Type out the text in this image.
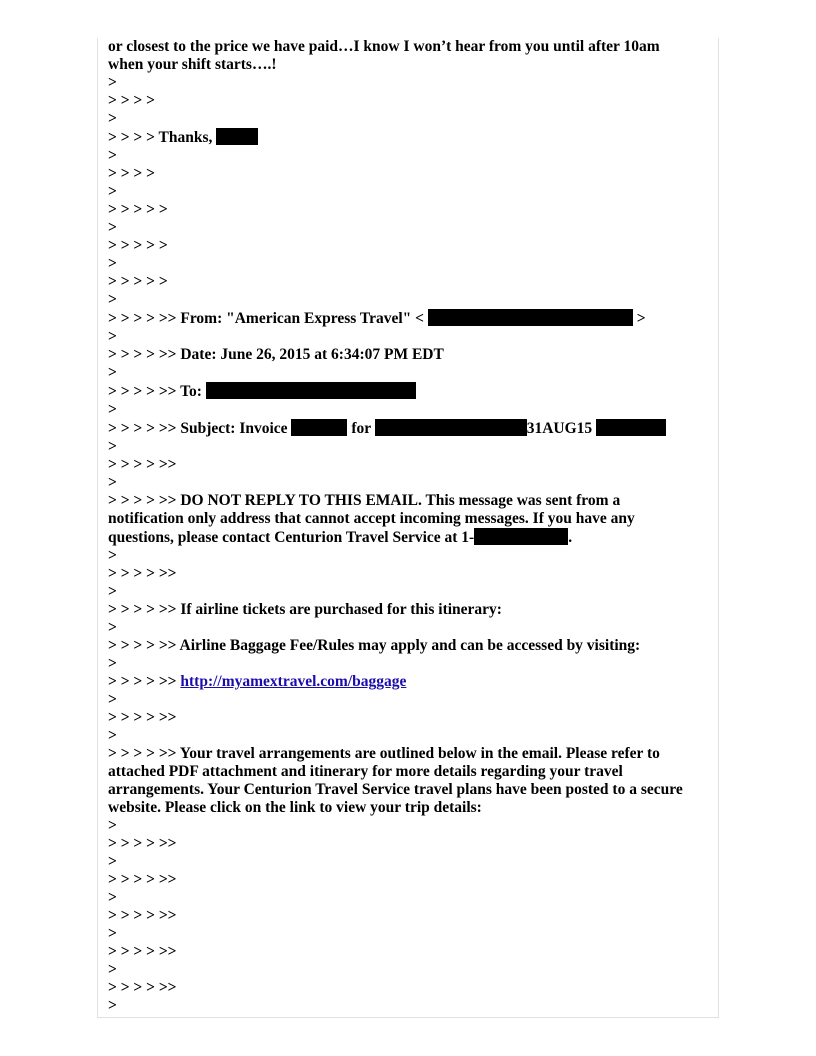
or closest to the price we have paid…I know I won’t hear from you until after 10am
when your shift starts….!
>
> > > >
>
> > > > Thanks,
>
> > > >
>
> > > > >
>
> > > > >
>
> > > > >
>
> > > > >> From: "American Express Travel" <	>
>
> > > > >> Date: June 26, 2015 at 6:34:07 PM EDT
>
> > > > >> To:
>
> > > > >> Subject: Invoice	for	31AUG15
>
> > > > >>
>
> > > > >> DO NOT REPLY TO THIS EMAIL. This message was sent from a
notification only address that cannot accept incoming messages. If you have any
questions, please contact Centurion Travel Service at 1-	.
>
> > > > >>
>
> > > > >> If airline tickets are purchased for this itinerary:
>
> > > > >> Airline Baggage Fee/Rules may apply and can be accessed by visiting:
>
> > > > >> http://myamextravel.com/baggage
>
> > > > >>
>
> > > > >> Your travel arrangements are outlined below in the email. Please refer to
attached PDF attachment and itinerary for more details regarding your travel
arrangements. Your Centurion Travel Service travel plans have been posted to a secure
website. Please click on the link to view your trip details:
>
> > > > >>
>
> > > > >>
>
> > > > >>
>
> > > > >>
>
> > > > >>
>
